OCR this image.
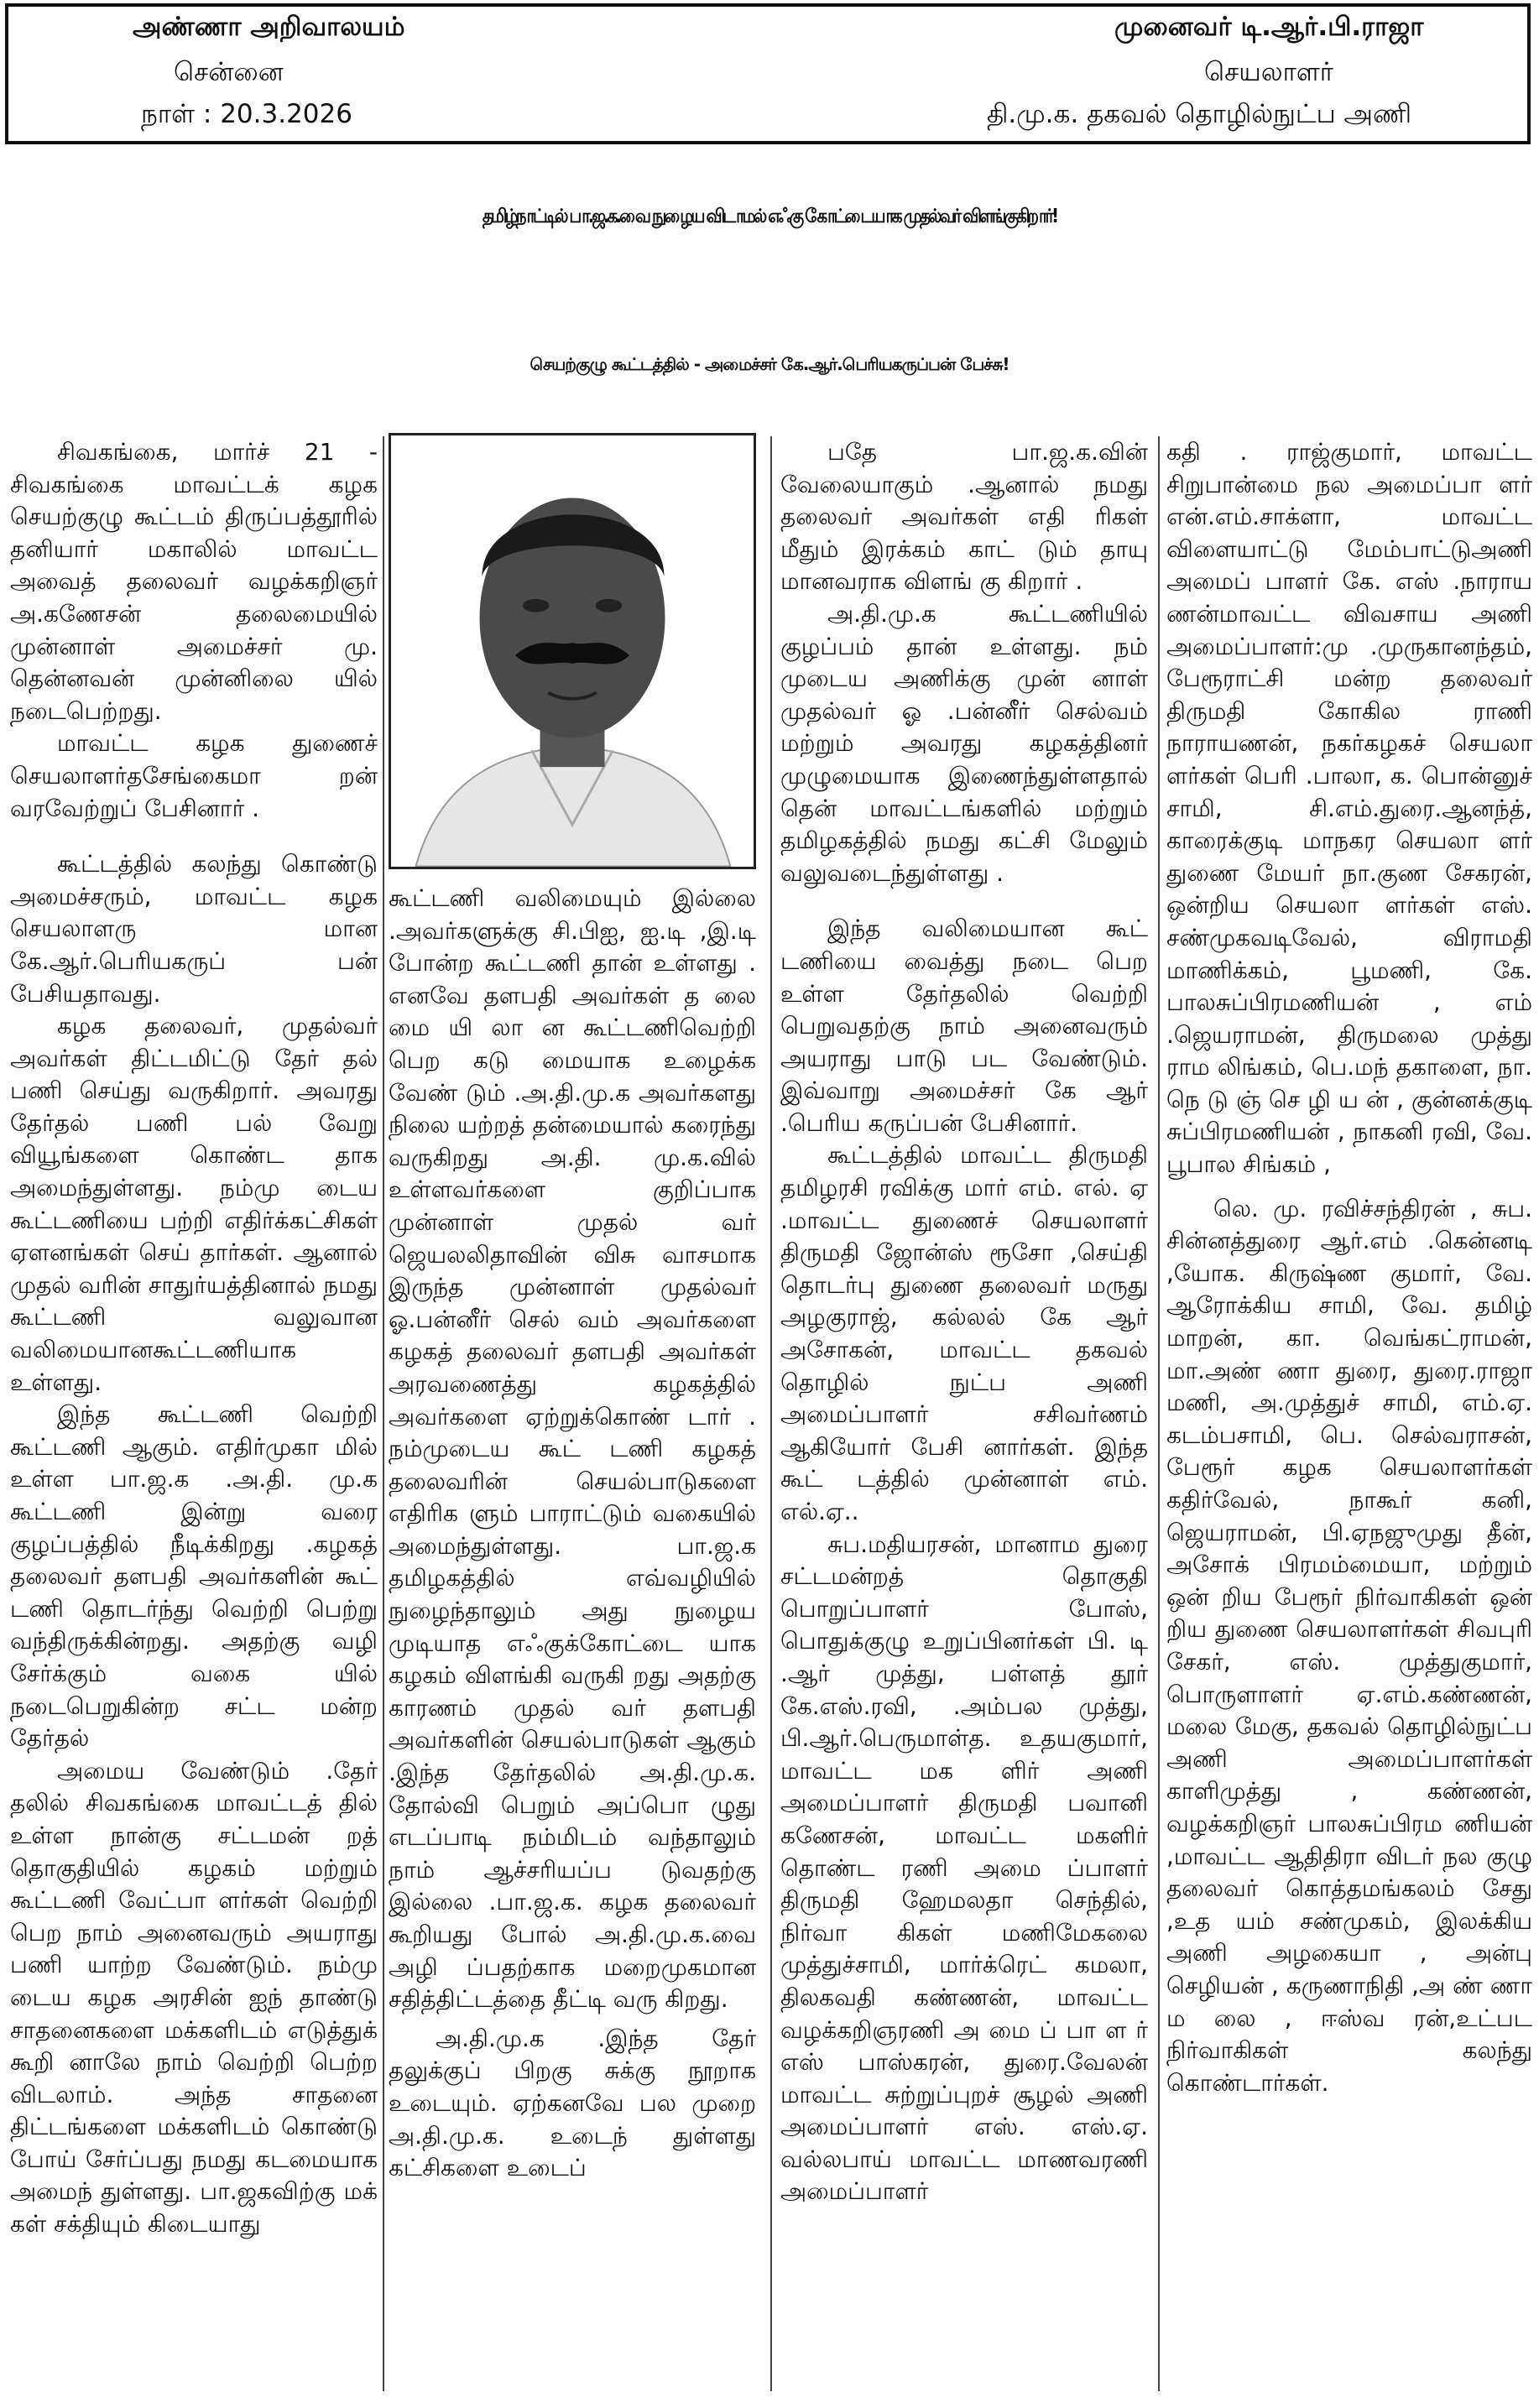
அண்ணா அறிவாலயம்
சென்னை
நாள் : 20.3.2026
முனைவர் டி.ஆர்.பி.ராஜா
செயலாளர்
தி.மு.க. தகவல் தொழில்நுட்ப அணி
தமிழ்நாட்டில் பா.ஜ.க.வை நுழைய விடாமல் எஃகு கோட்டையாக முதல்வர் விளங்குகிறார்!
செயற்குழு கூட்டத்தில் - அமைச்சர் கே.ஆர்.பெரியகருப்பன் பேச்சு!

சிவகங்கை, மார்ச் 21 - சிவகங்கை மாவட்டக் கழக செயற்குழு கூட்டம் திருப்பத்தூரில் தனியார் மகாலில் மாவட்ட அவைத் தலைவர் வழக்கறிஞர் அ.கணேசன் தலைமையில் முன்னாள் அமைச்சர் மு. தென்னவன் முன்னிலை யில் நடைபெற்றது.

மாவட்ட கழக துணைச் செயலாளர்தசேங்கைமா றன் வரவேற்றுப் பேசினார் .

கூட்டத்தில் கலந்து கொண்டு அமைச்சரும், மாவட்ட கழக செயலாளரு மான கே.ஆர்.பெரியகருப் பன் பேசியதாவது.

கழக தலைவர், முதல்வர் அவர்கள் திட்டமிட்டு தேர் தல் பணி செய்து வருகிறார். அவரது தேர்தல் பணி பல் வேறு வியூங்களை கொண்ட தாக அமைந்துள்ளது. நம்மு டைய கூட்டணியை பற்றி எதிர்க்கட்சிகள் ஏளனங்கள் செய் தார்கள். ஆனால் முதல் வரின் சாதுர்யத்தினால் நமது கூட்டணி வலுவான வலிமையானகூட்டணியாக உள்ளது.

இந்த கூட்டணி வெற்றி கூட்டணி ஆகும். எதிர்முகா மில் உள்ள பா.ஜ.க .அ.தி. மு.க கூட்டணி இன்று வரை குழப்பத்தில் நீடிக்கிறது .கழகத் தலைவர் தளபதி அவர்களின் கூட் டணி தொடர்ந்து வெற்றி பெற்று வந்திருக்கின்றது. அதற்கு வழி சேர்க்கும் வகை யில் நடைபெறுகின்ற சட்ட மன்ற தேர்தல்

அமைய வேண்டும் .தேர் தலில் சிவகங்கை மாவட்டத் தில் உள்ள நான்கு சட்டமன் றத் தொகுதியில் கழகம் மற்றும் கூட்டணி வேட்பா ளர்கள் வெற்றி பெற நாம் அனைவரும் அயராது பணி யாற்ற வேண்டும். நம்மு டைய கழக அரசின் ஐந் தாண்டு சாதனைகளை மக்களிடம் எடுத்துக் கூறி னாலே நாம் வெற்றி பெற்ற விடலாம். அந்த சாதனை திட்டங்களை மக்களிடம் கொண்டு போய் சேர்ப்பது நமது கடமையாக அமைந் துள்ளது. பா.ஜகவிற்கு மக் கள் சக்தியும் கிடையாது

கூட்டணி வலிமையும் இல்லை .அவர்களுக்கு சி.பிஐ, ஐ.டி ,இ.டி போன்ற கூட்டணி தான் உள்ளது . எனவே தளபதி அவர்கள் த லை மை யி லா ன கூட்டணிவெற்றி பெற கடு மையாக உழைக்க வேண் டும் .அ.தி.மு.க அவர்களது நிலை யற்றத் தன்மையால் கரைந்து வருகிறது அ.தி. மு.க.வில் உள்ளவர்களை குறிப்பாக முன்னாள் முதல் வர் ஜெயலலிதாவின் விசு வாசமாக இருந்த முன்னாள் முதல்வர் ஓ.பன்னீர் செல் வம் அவர்களை கழகத் தலைவர் தளபதி அவர்கள் அரவணைத்து கழகத்தில் அவர்களை ஏற்றுக்கொண் டார் . நம்முடைய கூட் டணி கழகத் தலைவரின் செயல்பாடுகளை எதிரிக ளும் பாராட்டும் வகையில் அமைந்துள்ளது. பா.ஜ.க தமிழகத்தில் எவ்வழியில் நுழைந்தாலும் அது நுழைய முடியாத எஃகுக்கோட்டை யாக கழகம் விளங்கி வருகி றது அதற்கு காரணம் முதல் வர் தளபதி அவர்களின் செயல்பாடுகள் ஆகும் .இந்த தேர்தலில் அ.தி.மு.க. தோல்வி பெறும் அப்பொ ழுது எடப்பாடி நம்மிடம் வந்தாலும் நாம் ஆச்சரியப்ப டுவதற்கு இல்லை .பா.ஜ.க. கழக தலைவர் கூறியது போல் அ.தி.மு.க.வை அழி ப்பதற்காக மறைமுகமான சதித்திட்டத்தை தீட்டி வரு கிறது.

அ.தி.மு.க .இந்த தேர் தலுக்குப் பிறகு சுக்கு நூறாக உடையும். ஏற்கனவே பல முறை அ.தி.மு.க. உடைந் துள்ளது கட்சிகளை உடைப்

பதே பா.ஜ.க.வின் வேலையாகும் .ஆனால் நமது தலைவர் அவர்கள் எதி ரிகள் மீதும் இரக்கம் காட் டும் தாயு மானவராக விளங் கு கிறார் .

அ.தி.மு.க கூட்டணியில் குழப்பம் தான் உள்ளது. நம் முடைய அணிக்கு முன் னாள் முதல்வர் ஓ .பன்னீர் செல்வம் மற்றும் அவரது கழகத்தினர் முழுமையாக இணைந்துள்ளதால் தென் மாவட்டங்களில் மற்றும் தமிழகத்தில் நமது கட்சி மேலும் வலுவடைந்துள்ளது .

இந்த வலிமையான கூட் டணியை வைத்து நடை பெற உள்ள தேர்தலில் வெற்றி பெறுவதற்கு நாம் அனைவரும் அயராது பாடு பட வேண்டும். இவ்வாறு அமைச்சர் கே ஆர் .பெரிய கருப்பன் பேசினார்.

கூட்டத்தில் மாவட்ட திருமதி தமிழரசி ரவிக்கு மார் எம். எல். ஏ .மாவட்ட துணைச் செயலாளர் திருமதி ஜோன்ஸ் ரூசோ ,செய்தி தொடர்பு துணை தலைவர் மருது அழகுராஜ், கல்லல் கே ஆர் அசோகன், மாவட்ட தகவல் தொழில் நுட்ப அணி அமைப்பாளர் சசிவர்ணம் ஆகியோர் பேசி னார்கள். இந்த கூட் டத்தில் முன்னாள் எம். எல்.ஏ..

சுப.மதியரசன், மானாம துரை சட்டமன்றத் தொகுதி பொறுப்பாளர் போஸ், பொதுக்குழு உறுப்பினர்கள் பி. டி .ஆர் முத்து, பள்ளத் தூர் கே.எஸ்.ரவி, .அம்பல முத்து, பி.ஆர்.பெருமாள்த. உதயகுமார், மாவட்ட மக ளிர் அணி அமைப்பாளர் திருமதி பவானி கணேசன், மாவட்ட மகளிர் தொண்ட ரணி அமை ப்பாளர் திருமதி ஹேமலதா செந்தில், நிர்வா கிகள் மணிமேகலை முத்துச்சாமி, மார்க்ரெட் கமலா, திலகவதி கண்ணன், மாவட்ட வழக்கறிஞரணி அ மை ப் பா ள ர் எஸ் பாஸ்கரன், துரை.வேலன் மாவட்ட சுற்றுப்புறச் சூழல் அணி அமைப்பாளர் எஸ். எஸ்.ஏ. வல்லபாய் மாவட்ட மாணவரணி அமைப்பாளர்

கதி . ராஜ்குமார், மாவட்ட சிறுபான்மை நல அமைப்பா ளர் என்.எம்.சாக்ளா, மாவட்ட விளையாட்டு மேம்பாட்டுஅணி அமைப் பாளர் கே. எஸ் .நாராய ணன்மாவட்ட விவசாய அணி அமைப்பாளர்:மு .முருகானந்தம், பேரூராட்சி மன்ற தலைவர் திருமதி கோகில ராணி நாராயணன், நகர்கழகச் செயலா ளர்கள் பெரி .பாலா, க. பொன்னுச் சாமி, சி.எம்.துரை.ஆனந்த், காரைக்குடி மாநகர செயலா ளர் துணை மேயர் நா.குண சேகரன், ஒன்றிய செயலா ளர்கள் எஸ். சண்முகவடிவேல், விராமதி மாணிக்கம், பூமணி, கே. பாலசுப்பிரமணியன் , எம் .ஜெயராமன், திருமலை முத்து ராம லிங்கம், பெ.மந் தகாளை, நா. நெ டு ஞ் செ ழி ய ன் , குன்னக்குடி சுப்பிரமணியன் , நாகனி ரவி, வே. பூபால சிங்கம் ,

லெ. மு. ரவிச்சந்திரன் , சுப. சின்னத்துரை ஆர்.எம் .கென்னடி ,யோக. கிருஷ்ண குமார், வே. ஆரோக்கிய சாமி, வே. தமிழ் மாறன், கா. வெங்கட்ராமன், மா.அண் ணா துரை, துரை.ராஜா மணி, அ.முத்துச் சாமி, எம்.ஏ. கடம்பசாமி, பெ. செல்வராசன், பேரூர் கழக செயலாளர்கள் கதிர்வேல், நாகூர் கனி, ஜெயராமன், பி.ஏநஜுமுது தீன், அசோக் பிரமம்மையா, மற்றும் ஒன் றிய பேரூர் நிர்வாகிகள் ஒன் றிய துணை செயலாளர்கள் சிவபுரி சேகர், எஸ். முத்துகுமார், பொருளாளர் ஏ.எம்.கண்ணன், மலை மேகு, தகவல் தொழில்நுட்ப அணி அமைப்பாளர்கள் காளிமுத்து , கண்ணன், வழக்கறிஞர் பாலசுப்பிரம ணியன் ,மாவட்ட ஆதிதிரா விடர் நல குழு தலைவர் கொத்தமங்கலம் சேது ,உத யம் சண்முகம், இலக்கிய அணி அழகையா , அன்பு செழியன் , கருணாநிதி ,அ ண் ணா ம லை , ஈஸ்வ ரன்,உட்பட நிர்வாகிகள் கலந்து கொண்டார்கள்.
